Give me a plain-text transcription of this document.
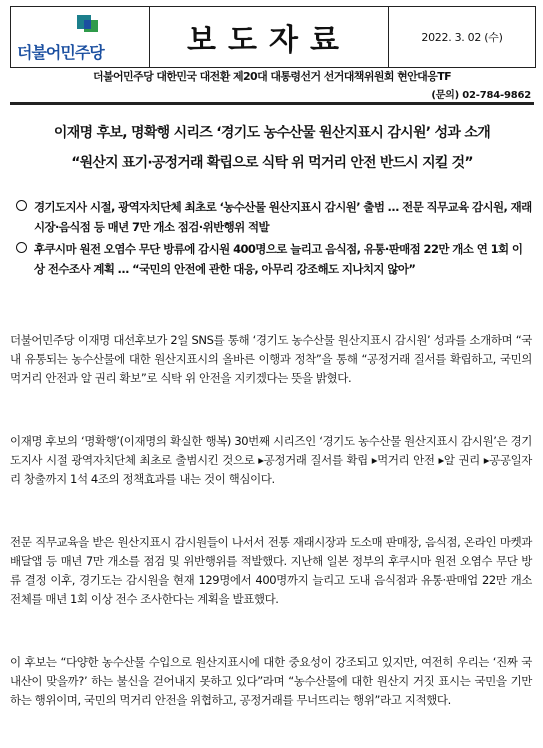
더불어민주당	보도자료	2022. 3. 02 (수)
더불어민주당 대한민국 대전환 제20대 대통령선거 선거대책위원회 현안대응TF
(문의) 02-784-9862
이재명 후보, 명확행 시리즈 ‘경기도 농수산물 원산지표시 감시원’ 성과 소개
“원산지 표기·공정거래 확립으로 식탁 위 먹거리 안전 반드시 지킬 것”
경기도지사 시절, 광역자치단체 최초로 ‘농수산물 원산지표시 감시원’ 출범 … 전문 직무교육 감시원, 재래시장·음식점 등 매년 7만 개소 점검·위반행위 적발
후쿠시마 원전 오염수 무단 방류에 감시원 400명으로 늘리고 음식점, 유통·판매점 22만 개소 연 1회 이상 전수조사 계획 … “국민의 안전에 관한 대응, 아무리 강조해도 지나치지 않아”
더불어민주당 이재명 대선후보가 2일 SNS를 통해 ‘경기도 농수산물 원산지표시 감시원’ 성과를 소개하며 “국내 유통되는 농수산물에 대한 원산지표시의 올바른 이행과 정착”을 통해 “공정거래 질서를 확립하고, 국민의 먹거리 안전과 알 권리 확보”로 식탁 위 안전을 지키겠다는 뜻을 밝혔다.
이재명 후보의 ‘명확행’(이재명의 확실한 행복) 30번째 시리즈인 ‘경기도 농수산물 원산지표시 감시원’은 경기도지사 시절 광역자치단체 최초로 출범시킨 것으로 ▸공정거래 질서를 확립 ▸먹거리 안전 ▸알 권리 ▸공공일자리 창출까지 1석 4조의 정책효과를 내는 것이 핵심이다.
전문 직무교육을 받은 원산지표시 감시원들이 나서서 전통 재래시장과 도소매 판매장, 음식점, 온라인 마켓과 배달앱 등 매년 7만 개소를 점검 및 위반행위를 적발했다. 지난해 일본 정부의 후쿠시마 원전 오염수 무단 방류 결정 이후, 경기도는 감시원을 현재 129명에서 400명까지 늘리고 도내 음식점과 유통·판매업 22만 개소 전체를 매년 1회 이상 전수 조사한다는 계획을 발표했다.
이 후보는 “다양한 농수산물 수입으로 원산지표시에 대한 중요성이 강조되고 있지만, 여전히 우리는 ‘진짜 국내산이 맞을까?’ 하는 불신을 걷어내지 못하고 있다”라며 “농수산물에 대한 원산지 거짓 표시는 국민을 기만하는 행위이며, 국민의 먹거리 안전을 위협하고, 공정거래를 무너뜨리는 행위”라고 지적했다.
